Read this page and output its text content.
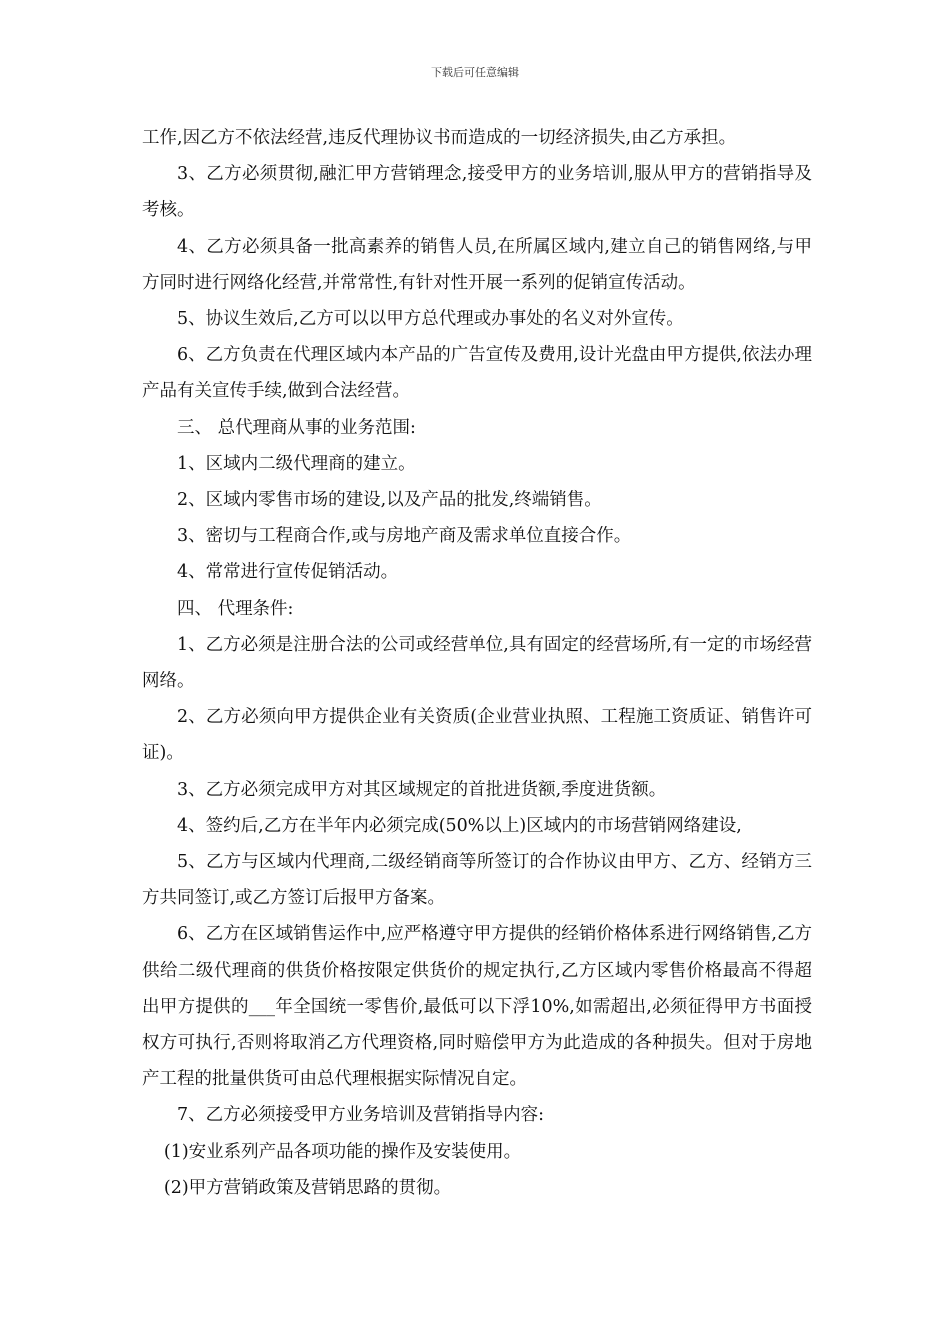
下载后可任意编辑

工作,因乙方不依法经营,违反代理协议书而造成的一切经济损失,由乙方承担。

3、乙方必须贯彻,融汇甲方营销理念,接受甲方的业务培训,服从甲方的营销指导及考核。

4、乙方必须具备一批高素养的销售人员,在所属区域内,建立自己的销售网络,与甲方同时进行网络化经营,并常常性,有针对性开展一系列的促销宣传活动。

5、协议生效后,乙方可以以甲方总代理或办事处的名义对外宣传。

6、乙方负责在代理区域内本产品的广告宣传及费用,设计光盘由甲方提供,依法办理产品有关宣传手续,做到合法经营。

三、 总代理商从事的业务范围:

1、区域内二级代理商的建立。

2、区域内零售市场的建设,以及产品的批发,终端销售。

3、密切与工程商合作,或与房地产商及需求单位直接合作。

4、常常进行宣传促销活动。

四、 代理条件:

1、乙方必须是注册合法的公司或经营单位,具有固定的经营场所,有一定的市场经营网络。

2、乙方必须向甲方提供企业有关资质(企业营业执照、工程施工资质证、销售许可证)。

3、乙方必须完成甲方对其区域规定的首批进货额,季度进货额。

4、签约后,乙方在半年内必须完成(50%以上)区域内的市场营销网络建设,

5、乙方与区域内代理商,二级经销商等所签订的合作协议由甲方、乙方、经销方三方共同签订,或乙方签订后报甲方备案。

6、乙方在区域销售运作中,应严格遵守甲方提供的经销价格体系进行网络销售,乙方供给二级代理商的供货价格按限定供货价的规定执行,乙方区域内零售价格最高不得超出甲方提供的___年全国统一零售价,最低可以下浮10%,如需超出,必须征得甲方书面授权方可执行,否则将取消乙方代理资格,同时赔偿甲方为此造成的各种损失。但对于房地产工程的批量供货可由总代理根据实际情况自定。

7、乙方必须接受甲方业务培训及营销指导内容:

(1)安业系列产品各项功能的操作及安装使用。

(2)甲方营销政策及营销思路的贯彻。
